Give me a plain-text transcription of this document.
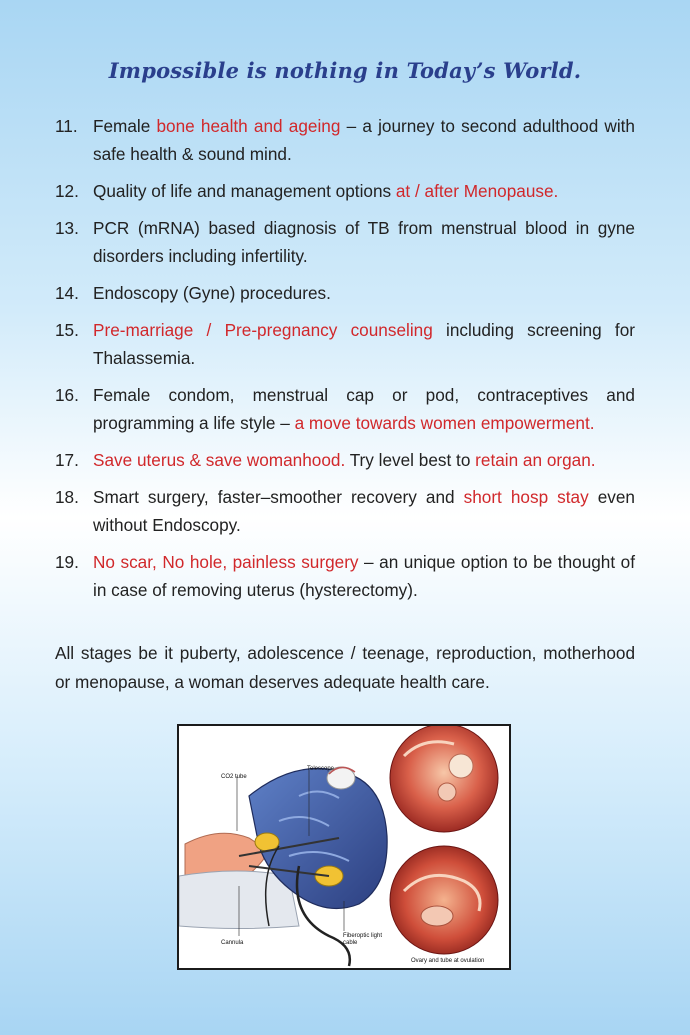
Impossible is nothing in Today’s World.
11. Female bone health and ageing – a journey to second adulthood with safe health & sound mind.
12. Quality of life and management options at / after Menopause.
13. PCR (mRNA) based diagnosis of TB from menstrual blood in gyne disorders including infertility.
14. Endoscopy (Gyne) procedures.
15. Pre-marriage / Pre-pregnancy counseling including screening for Thalassemia.
16. Female condom, menstrual cap or pod, contraceptives and programming a life style – a move towards women empowerment.
17. Save uterus & save womanhood. Try level best to retain an organ.
18. Smart surgery, faster–smoother recovery and short hosp stay even without Endoscopy.
19. No scar, No hole, painless surgery – an unique option to be thought of in case of removing uterus (hysterectomy).

All stages be it puberty, adolescence / teenage, reproduction, motherhood or menopause, a woman deserves adequate health care.

CO2 tube
Telescope
Cannula
Fiberoptic light cable
Ovary and tube at ovulation
